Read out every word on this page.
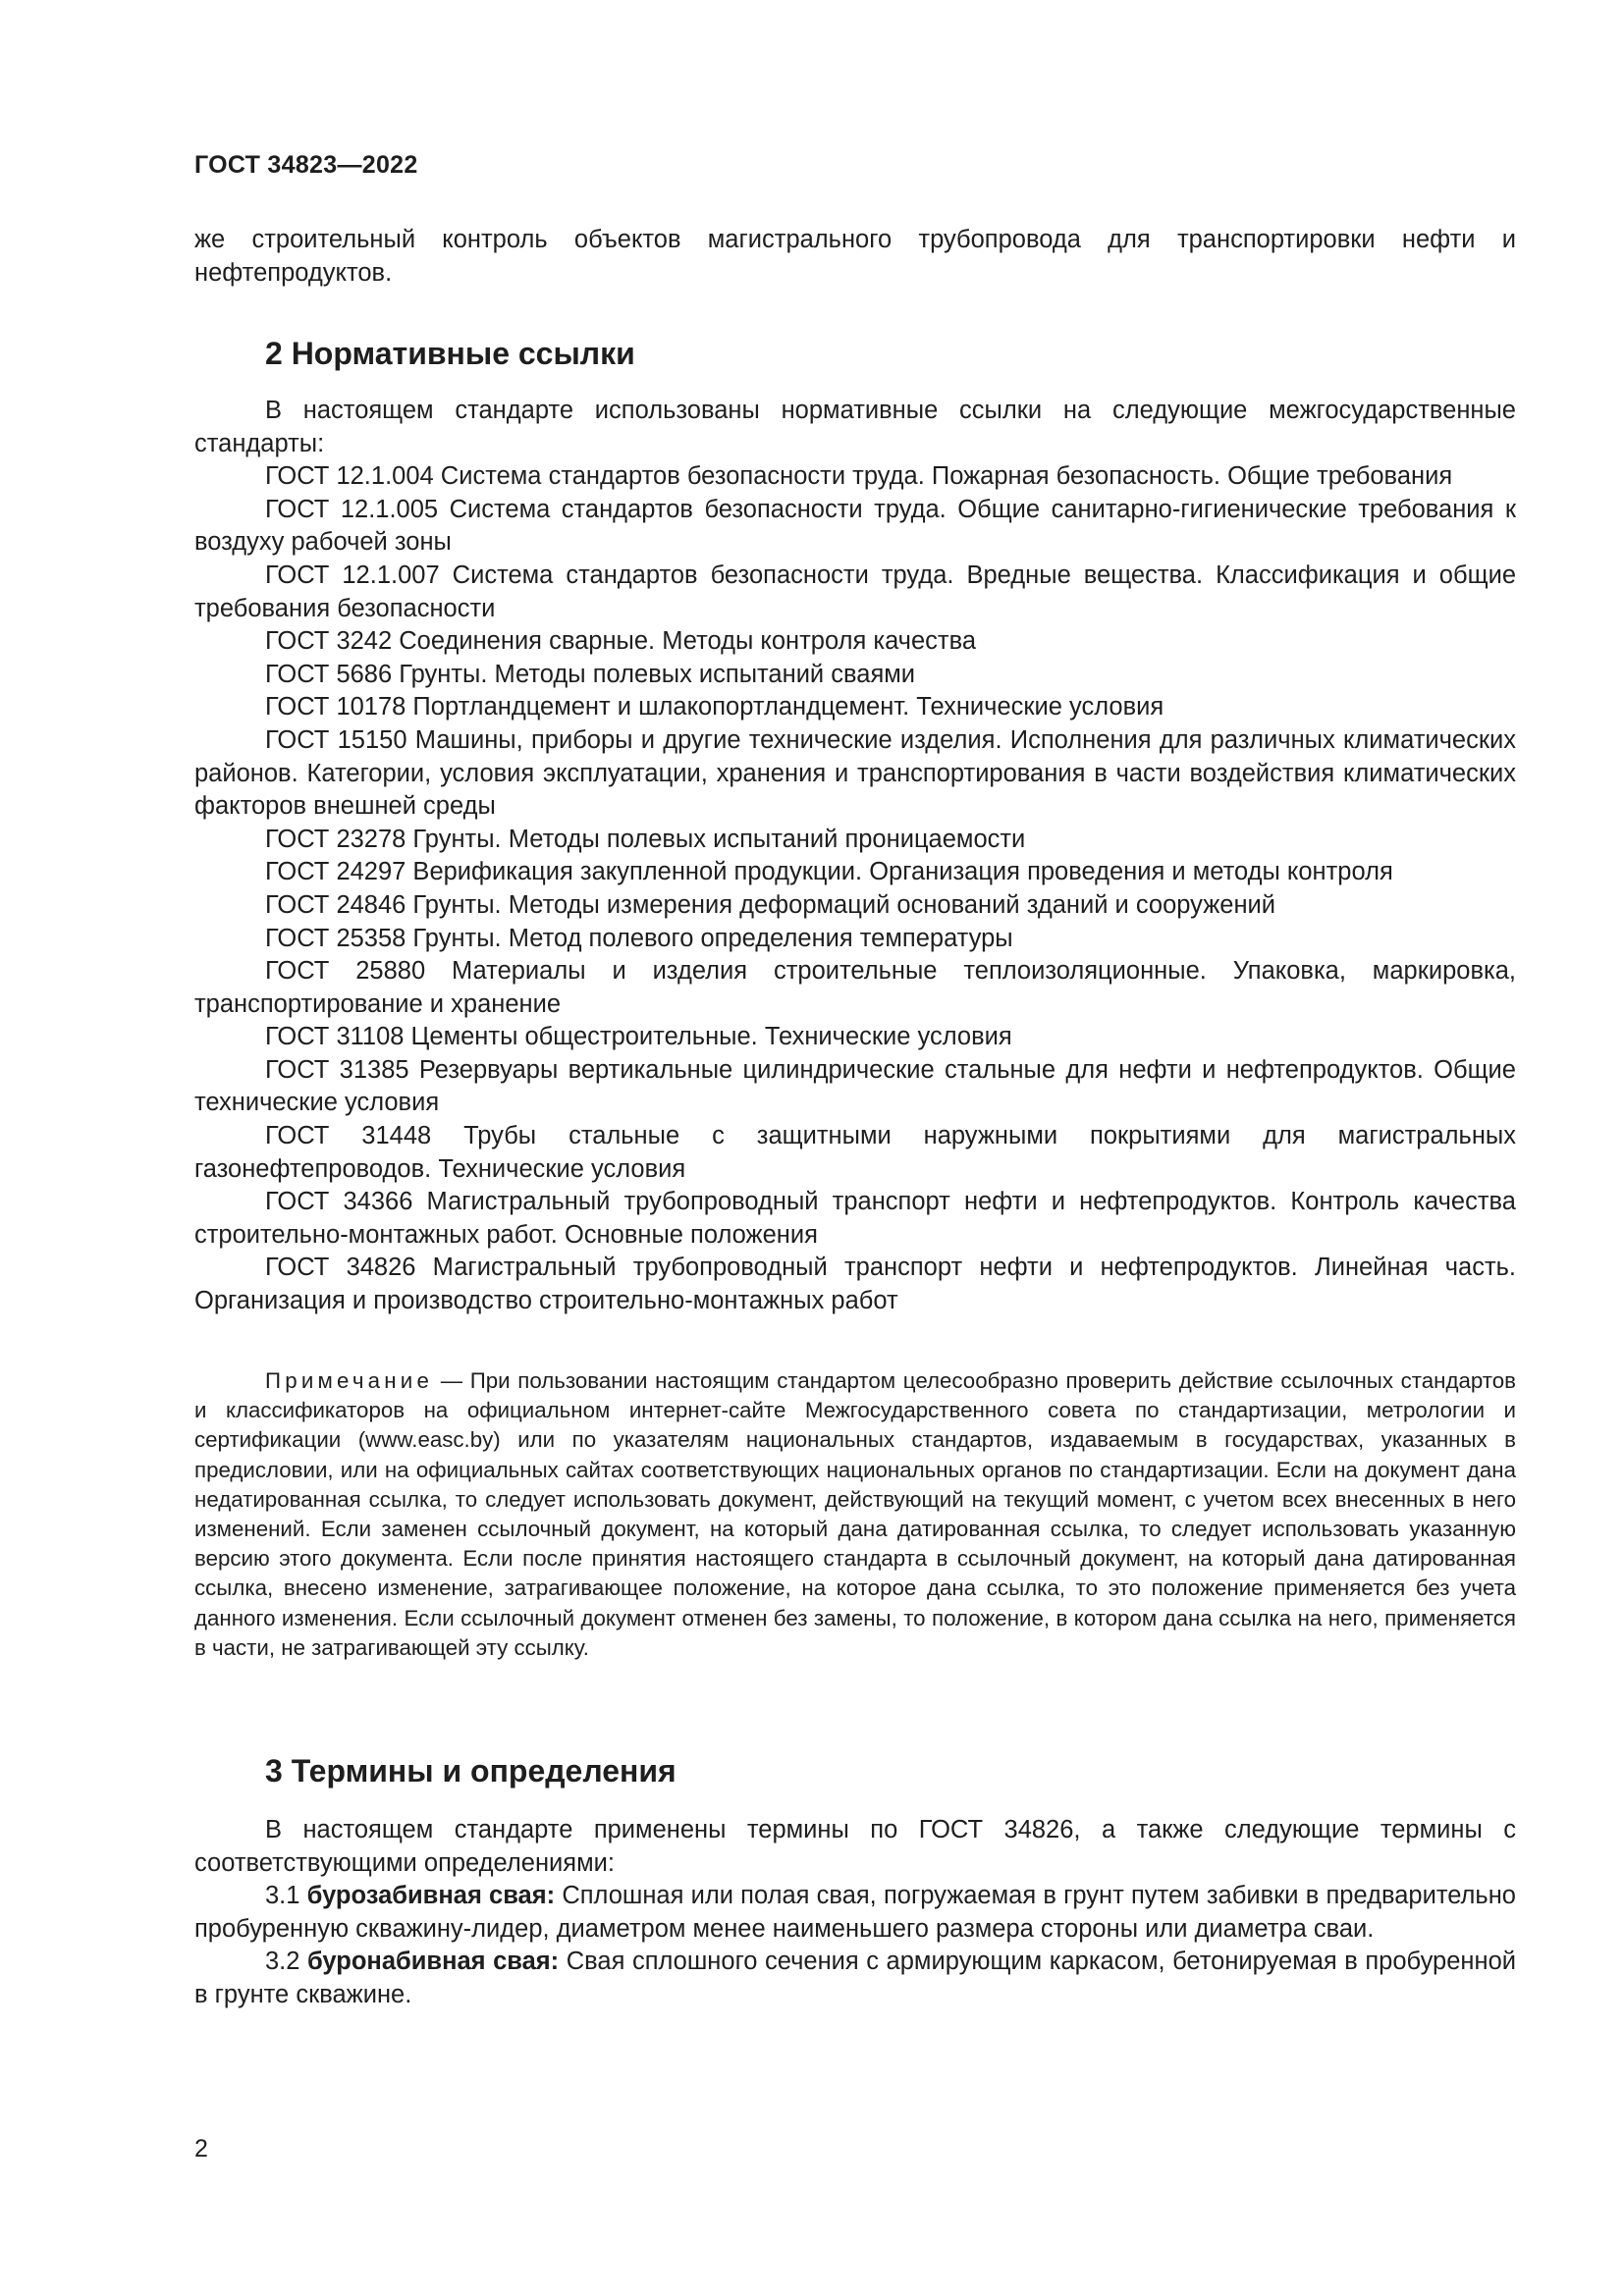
ГОСТ 34823—2022

же строительный контроль объектов магистрального трубопровода для транспортировки нефти и нефтепродуктов.

2 Нормативные ссылки

В настоящем стандарте использованы нормативные ссылки на следующие межгосударственные стандарты:

ГОСТ 12.1.004 Система стандартов безопасности труда. Пожарная безопасность. Общие требования

ГОСТ 12.1.005 Система стандартов безопасности труда. Общие санитарно-гигиенические требования к воздуху рабочей зоны

ГОСТ 12.1.007 Система стандартов безопасности труда. Вредные вещества. Классификация и общие требования безопасности

ГОСТ 3242 Соединения сварные. Методы контроля качества

ГОСТ 5686 Грунты. Методы полевых испытаний сваями

ГОСТ 10178 Портландцемент и шлакопортландцемент. Технические условия

ГОСТ 15150 Машины, приборы и другие технические изделия. Исполнения для различных климатических районов. Категории, условия эксплуатации, хранения и транспортирования в части воздействия климатических факторов внешней среды

ГОСТ 23278 Грунты. Методы полевых испытаний проницаемости

ГОСТ 24297 Верификация закупленной продукции. Организация проведения и методы контроля

ГОСТ 24846 Грунты. Методы измерения деформаций оснований зданий и сооружений

ГОСТ 25358 Грунты. Метод полевого определения температуры

ГОСТ 25880 Материалы и изделия строительные теплоизоляционные. Упаковка, маркировка, транспортирование и хранение

ГОСТ 31108 Цементы общестроительные. Технические условия

ГОСТ 31385 Резервуары вертикальные цилиндрические стальные для нефти и нефтепродуктов. Общие технические условия

ГОСТ 31448 Трубы стальные с защитными наружными покрытиями для магистральных газонефтепроводов. Технические условия

ГОСТ 34366 Магистральный трубопроводный транспорт нефти и нефтепродуктов. Контроль качества строительно-монтажных работ. Основные положения

ГОСТ 34826 Магистральный трубопроводный транспорт нефти и нефтепродуктов. Линейная часть. Организация и производство строительно-монтажных работ

Примечание — При пользовании настоящим стандартом целесообразно проверить действие ссылочных стандартов и классификаторов на официальном интернет-сайте Межгосударственного совета по стандартизации, метрологии и сертификации (www.easc.by) или по указателям национальных стандартов, издаваемым в государствах, указанных в предисловии, или на официальных сайтах соответствующих национальных органов по стандартизации. Если на документ дана недатированная ссылка, то следует использовать документ, действующий на текущий момент, с учетом всех внесенных в него изменений. Если заменен ссылочный документ, на который дана датированная ссылка, то следует использовать указанную версию этого документа. Если после принятия настоящего стандарта в ссылочный документ, на который дана датированная ссылка, внесено изменение, затрагивающее положение, на которое дана ссылка, то это положение применяется без учета данного изменения. Если ссылочный документ отменен без замены, то положение, в котором дана ссылка на него, применяется в части, не затрагивающей эту ссылку.

3 Термины и определения

В настоящем стандарте применены термины по ГОСТ 34826, а также следующие термины с соответствующими определениями:

3.1 бурозабивная свая: Сплошная или полая свая, погружаемая в грунт путем забивки в предварительно пробуренную скважину-лидер, диаметром менее наименьшего размера стороны или диаметра сваи.

3.2 буронабивная свая: Свая сплошного сечения с армирующим каркасом, бетонируемая в пробуренной в грунте скважине.

2
